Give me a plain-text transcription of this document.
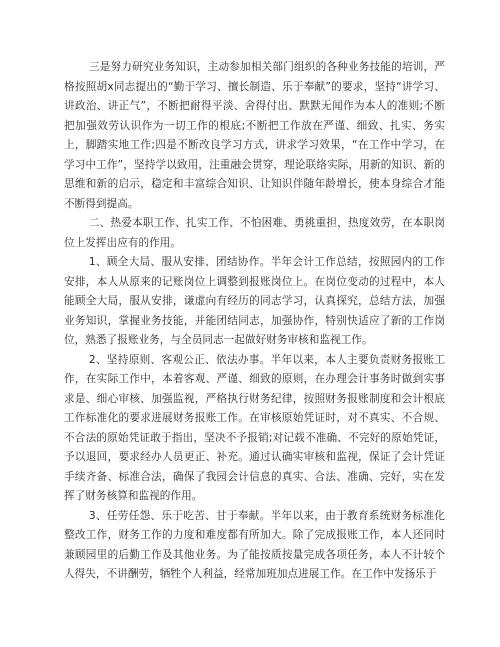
三是努力研究业务知识，主动参加相关部门组织的各种业务技能的培训，严格按照胡x同志提出的“勤于学习、擅长制造、乐于奉献”的要求，坚持“讲学习、讲政治、讲正气”，不断把耐得平淡、舍得付出、默默无闻作为本人的准则;不断把加强效劳认识作为一切工作的根底;不断把工作放在严谨、细致、扎实、务实上，脚踏实地工作;四是不断改良学习方式，讲求学习效果，“在工作中学习，在学习中工作”，坚持学以致用，注重融会贯穿，理论联络实际，用新的知识、新的思维和新的启示，稳定和丰富综合知识、让知识伴随年龄增长，使本身综合才能不断得到提高。

二、热爱本职工作、扎实工作、不怕困难、勇挑重担，热度效劳，在本职岗位上发挥出应有的作用。

1、顾全大局、服从安排、团结协作。半年会计工作总结，按照园内的工作安排，本人从原来的记账岗位上调整到报账岗位上。在岗位变动的过程中，本人能顾全大局，服从安排，谦虚向有经历的同志学习，认真探究，总结方法，加强业务知识，掌握业务技能，并能团结同志，加强协作，特别快适应了新的工作岗位，熟悉了报账业务，与全员同志一起做好财务审核和监视工作。

2、坚持原则、客观公正、依法办事。半年以来，本人主要负责财务报账工作，在实际工作中，本着客观、严谨、细致的原则，在办理会计事务时做到实事求是、细心审核、加强监视，严格执行财务纪律，按照财务报账制度和会计根底工作标准化的要求进展财务报账工作。在审核原始凭证时，对不真实、不合规、不合法的原始凭证敢于指出，坚决不予报销;对记载不准确、不完好的原始凭证，予以退回，要求经办人员更正、补充。通过认确实审核和监视，保证了会计凭证手续齐备、标准合法，确保了我园会计信息的真实、合法、准确、完好，实在发挥了财务核算和监视的作用。

3、任劳任怨、乐于吃苦、甘于奉献。半年以来，由于教育系统财务标准化整改工作，财务工作的力度和难度都有所加大。除了完成报账工作，本人还同时兼顾园里的后勤工作及其他业务。为了能按质按量完成各项任务，本人不计较个人得失，不讲酬劳，牺牲个人利益，经常加班加点进展工作。在工作中发扬乐于
